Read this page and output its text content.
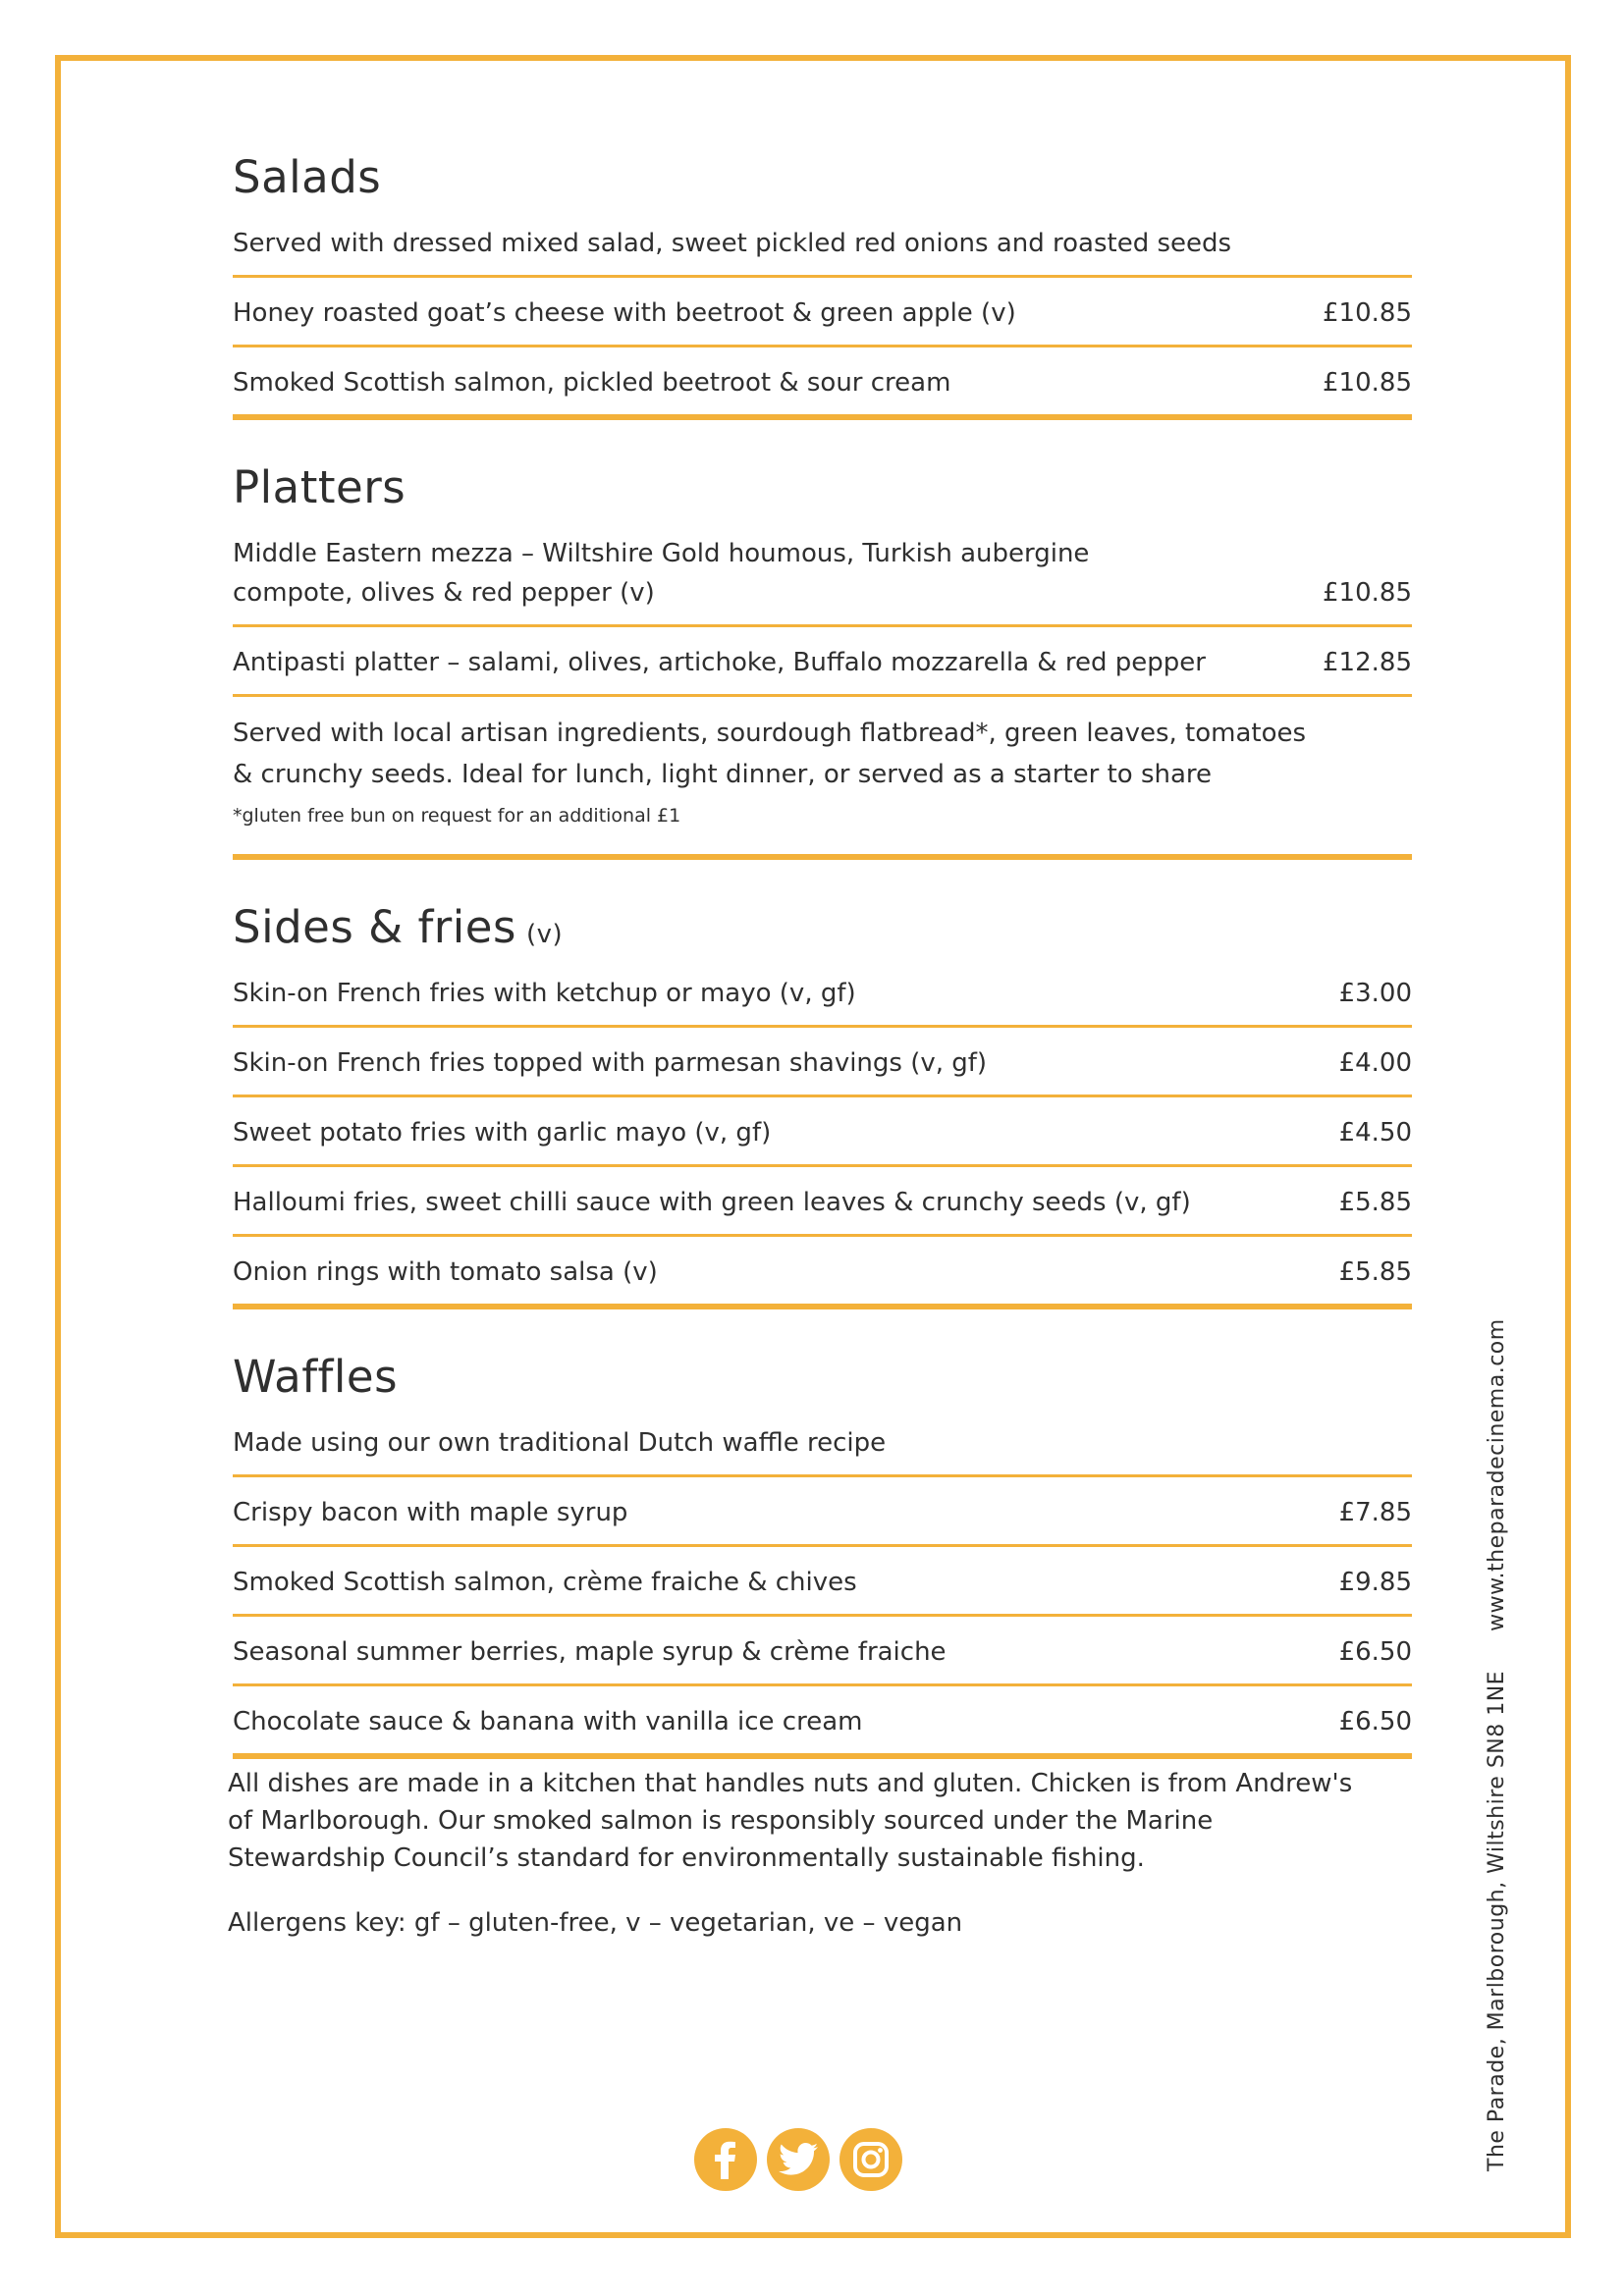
Salads
Served with dressed mixed salad, sweet pickled red onions and roasted seeds
Honey roasted goat’s cheese with beetroot & green apple (v)	£10.85
Smoked Scottish salmon, pickled beetroot & sour cream	£10.85
Platters
Middle Eastern mezza – Wiltshire Gold houmous, Turkish aubergine
compote, olives & red pepper (v)	£10.85
Antipasti platter – salami, olives, artichoke, Buffalo mozzarella & red pepper	£12.85
Served with local artisan ingredients, sourdough flatbread*, green leaves, tomatoes
& crunchy seeds. Ideal for lunch, light dinner, or served as a starter to share
*gluten free bun on request for an additional £1
Sides & fries (v)
Skin-on French fries with ketchup or mayo (v, gf)	£3.00
Skin-on French fries topped with parmesan shavings (v, gf)	£4.00
Sweet potato fries with garlic mayo (v, gf)	£4.50
Halloumi fries, sweet chilli sauce with green leaves & crunchy seeds (v, gf)	£5.85
Onion rings with tomato salsa (v)	£5.85
Waffles
Made using our own traditional Dutch waffle recipe
Crispy bacon with maple syrup	£7.85
Smoked Scottish salmon, crème fraiche & chives	£9.85
Seasonal summer berries, maple syrup & crème fraiche	£6.50
Chocolate sauce & banana with vanilla ice cream	£6.50

All dishes are made in a kitchen that handles nuts and gluten. Chicken is from Andrew's
of Marlborough. Our smoked salmon is responsibly sourced under the Marine
Stewardship Council’s standard for environmentally sustainable fishing.

Allergens key: gf – gluten-free, v – vegetarian, ve – vegan	The Parade, Marlborough, Wiltshire SN8 1NE
www.theparadecinema.com
